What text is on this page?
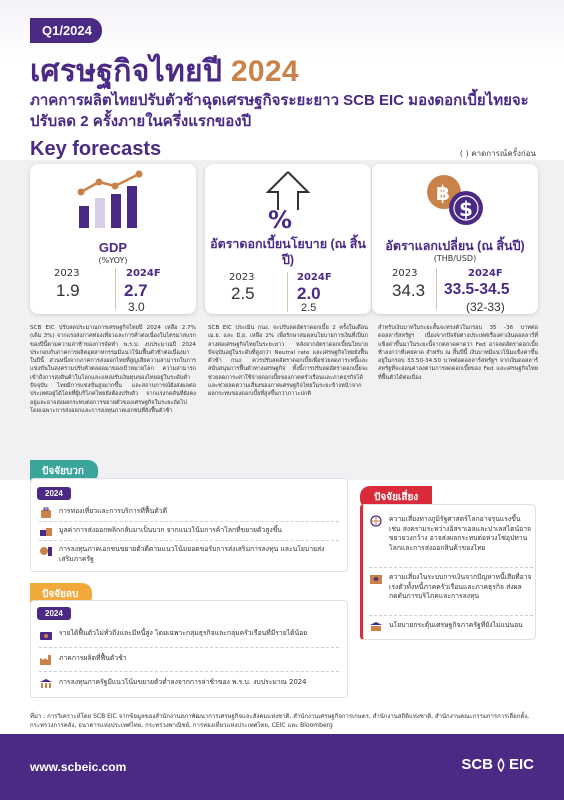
Q1/2024
เศรษฐกิจไทยปี 2024
ภาคการผลิตไทยปรับตัวช้าฉุดเศรษฐกิจระยะยาว SCB EIC มองดอกเบี้ยไทยจะปรับลด 2 ครั้งภายในครึ่งแรกของปี
Key forecasts	( ) คาดการณ์ครั้งก่อน
GDP
(%YOY)
2023	2024F
1.9	2.7
3.0
SCB EIC ปรับลดประมาณการเศรษฐกิจไทยปี 2024 เหลือ 2.7% (เดิม 3%) จากแรงส่งภาคท่องเที่ยวและการค้าต่อเนื่องในไตรมาสแรกของปีนี้ตามความล่าช้าของการจัดทำ พ.ร.บ. งบประมาณปี 2024 ประกอบกับภาคการผลิตอุตสาหกรรมมีแนวโน้มฟื้นตัวช้าต่อเนื่องมาในปีนี้ ส่วนหนึ่งจากภาคการส่งออกไทยที่สูญเสียความสามารถในการแข่งขันในสงครามปรับตัวตลอดมาของเป้าหมายโลก ความสามารถเข้าถึงการส่งสินค้าในโลกและแหล่งรับเงินทุนของไทยอยู่ในระดับต่ำ ปัจจุบัน ไทยมีการแข่งขันสูงมากขึ้น และสถานการณ์ยังส่งผลต่อประเทศอยู่ได้โดยที่ผู้บริโภคไทยยังต้องปรับตัว จากแรงกดดันที่ยังคงอยู่และอาจส่งผลกระทบต่อการขยายตัวของเศรษฐกิจในระยะถัดไป โดยเฉพาะการส่งออกและการลงทุนภาคเอกชนที่ยังฟื้นตัวช้า
%
อัตราดอกเบี้ยนโยบาย (ณ สิ้นปี)
2023	2024F
2.5 2.0
2.5
SCB EIC ประเมิน กนง. จะปรับลดอัตราดอกเบี้ย 2 ครั้งในเดือน เม.ย. และ มิ.ย. เหลือ 2% เพื่อรักษาสมดุลนโยบายการเงินที่เป็นกลางต่อเศรษฐกิจไทยในระยะยาว หลังจากอัตราดอกเบี้ยนโยบายปัจจุบันอยู่ในระดับที่สูงกว่า Neutral rate และเศรษฐกิจไทยยังฟื้นตัวช้า กนง. ควรปรับลดอัตราดอกเบี้ยเพื่อช่วยลดภาระหนี้และสนับสนุนการฟื้นตัวทางเศรษฐกิจ ทั้งนี้การปรับลดอัตราดอกเบี้ยจะช่วยลดภาระค่าใช้จ่ายดอกเบี้ยของภาคครัวเรือนและภาคธุรกิจได้ และช่วยลดความเสี่ยงของภาคเศรษฐกิจไทยในระยะข้างหน้าจากผลกระทบของดอกเบี้ยที่สูงขึ้นกว่าภาวะปกติ
฿
$
อัตราแลกเปลี่ยน (ณ สิ้นปี)
(THB/USD)
2023	2024F
34.3 33.5-34.5
(32-33)
สำหรับเงินบาทในระยะสั้นจะทรงตัวในกรอบ 35 -36 บาทต่อดอลลาร์สหรัฐฯ เนื่องจากปัจจัยต่างประเทศเรื่องค่าเงินดอลลาร์ที่แข็งค่าขึ้นมาในระยะนี้จากตลาดคาดว่า Fed อาจลดอัตราดอกเบี้ยช้าลงกว่าที่เคยคาด สำหรับ ณ สิ้นปีนี้ เงินบาทมีแนวโน้มแข็งค่าขึ้นอยู่ในกรอบ 33.50-34.50 บาทต่อดอลลาร์สหรัฐฯ จากเงินดอลลาร์สหรัฐที่จะอ่อนค่าลงตามการลดดอกเบี้ยของ Fed และเศรษฐกิจไทยที่ฟื้นตัวได้ต่อเนื่อง
ปัจจัยบวก
2024
การท่องเที่ยวและการบริการที่ฟื้นตัวดี
มูลค่าการส่งออกพลิกกลับมาเป็นบวก จากแนวโน้มการค้าโลกที่ขยายตัวสูงขึ้น
การลงทุนภาคเอกชนขยายตัวดีตามแนวโน้มยอดขอรับการส่งเสริมการลงทุน และนโยบายส่งเสริมภาครัฐ
ปัจจัยลบ
2024
รายได้ฟื้นตัวไม่ทั่วถึงและมีหนี้สูง โดยเฉพาะกลุ่มธุรกิจและกลุ่มครัวเรือนที่มีรายได้น้อย
ภาคการผลิตที่ฟื้นตัวช้า
การลงทุนภาครัฐมีแนวโน้มขยายตัวต่ำลงจากการล่าช้าของ พ.ร.บ. งบประมาณ 2024
ปัจจัยเสี่ยง
ความเสี่ยงทางภูมิรัฐศาสตร์โลกอาจรุนแรงขึ้น เช่น สงครามระหว่างอิสราเอลและปาเลสไตน์อาจขยายวงกว้าง อาจส่งผลกระทบต่อห่วงโซ่อุปทานโลกและการส่งออกสินค้าของไทย
ความเสี่ยงในระบบการเงินจากปัญหาหนี้เสียที่อาจเร่งตัวทั้งหนี้ภาคครัวเรือนและภาคธุรกิจ ส่งผลกดดันการบริโภคและการลงทุน
นโยบายกระตุ้นเศรษฐกิจภาครัฐที่ยังไม่แน่นอน
ที่มา : การวิเคราะห์โดย SCB EIC จากข้อมูลของสำนักงานสภาพัฒนาการเศรษฐกิจและสังคมแห่งชาติ, สำนักงานเศรษฐกิจการเกษตร, สำนักงานสถิติแห่งชาติ, สำนักงานคณะกรรมการการเลือกตั้ง, กระทรวงการคลัง, ธนาคารแห่งประเทศไทย, กระทรวงพาณิชย์, การท่องเที่ยวแห่งประเทศไทย, CEIC และ Bloomberg
www.scbeic.com	SCB EIC
